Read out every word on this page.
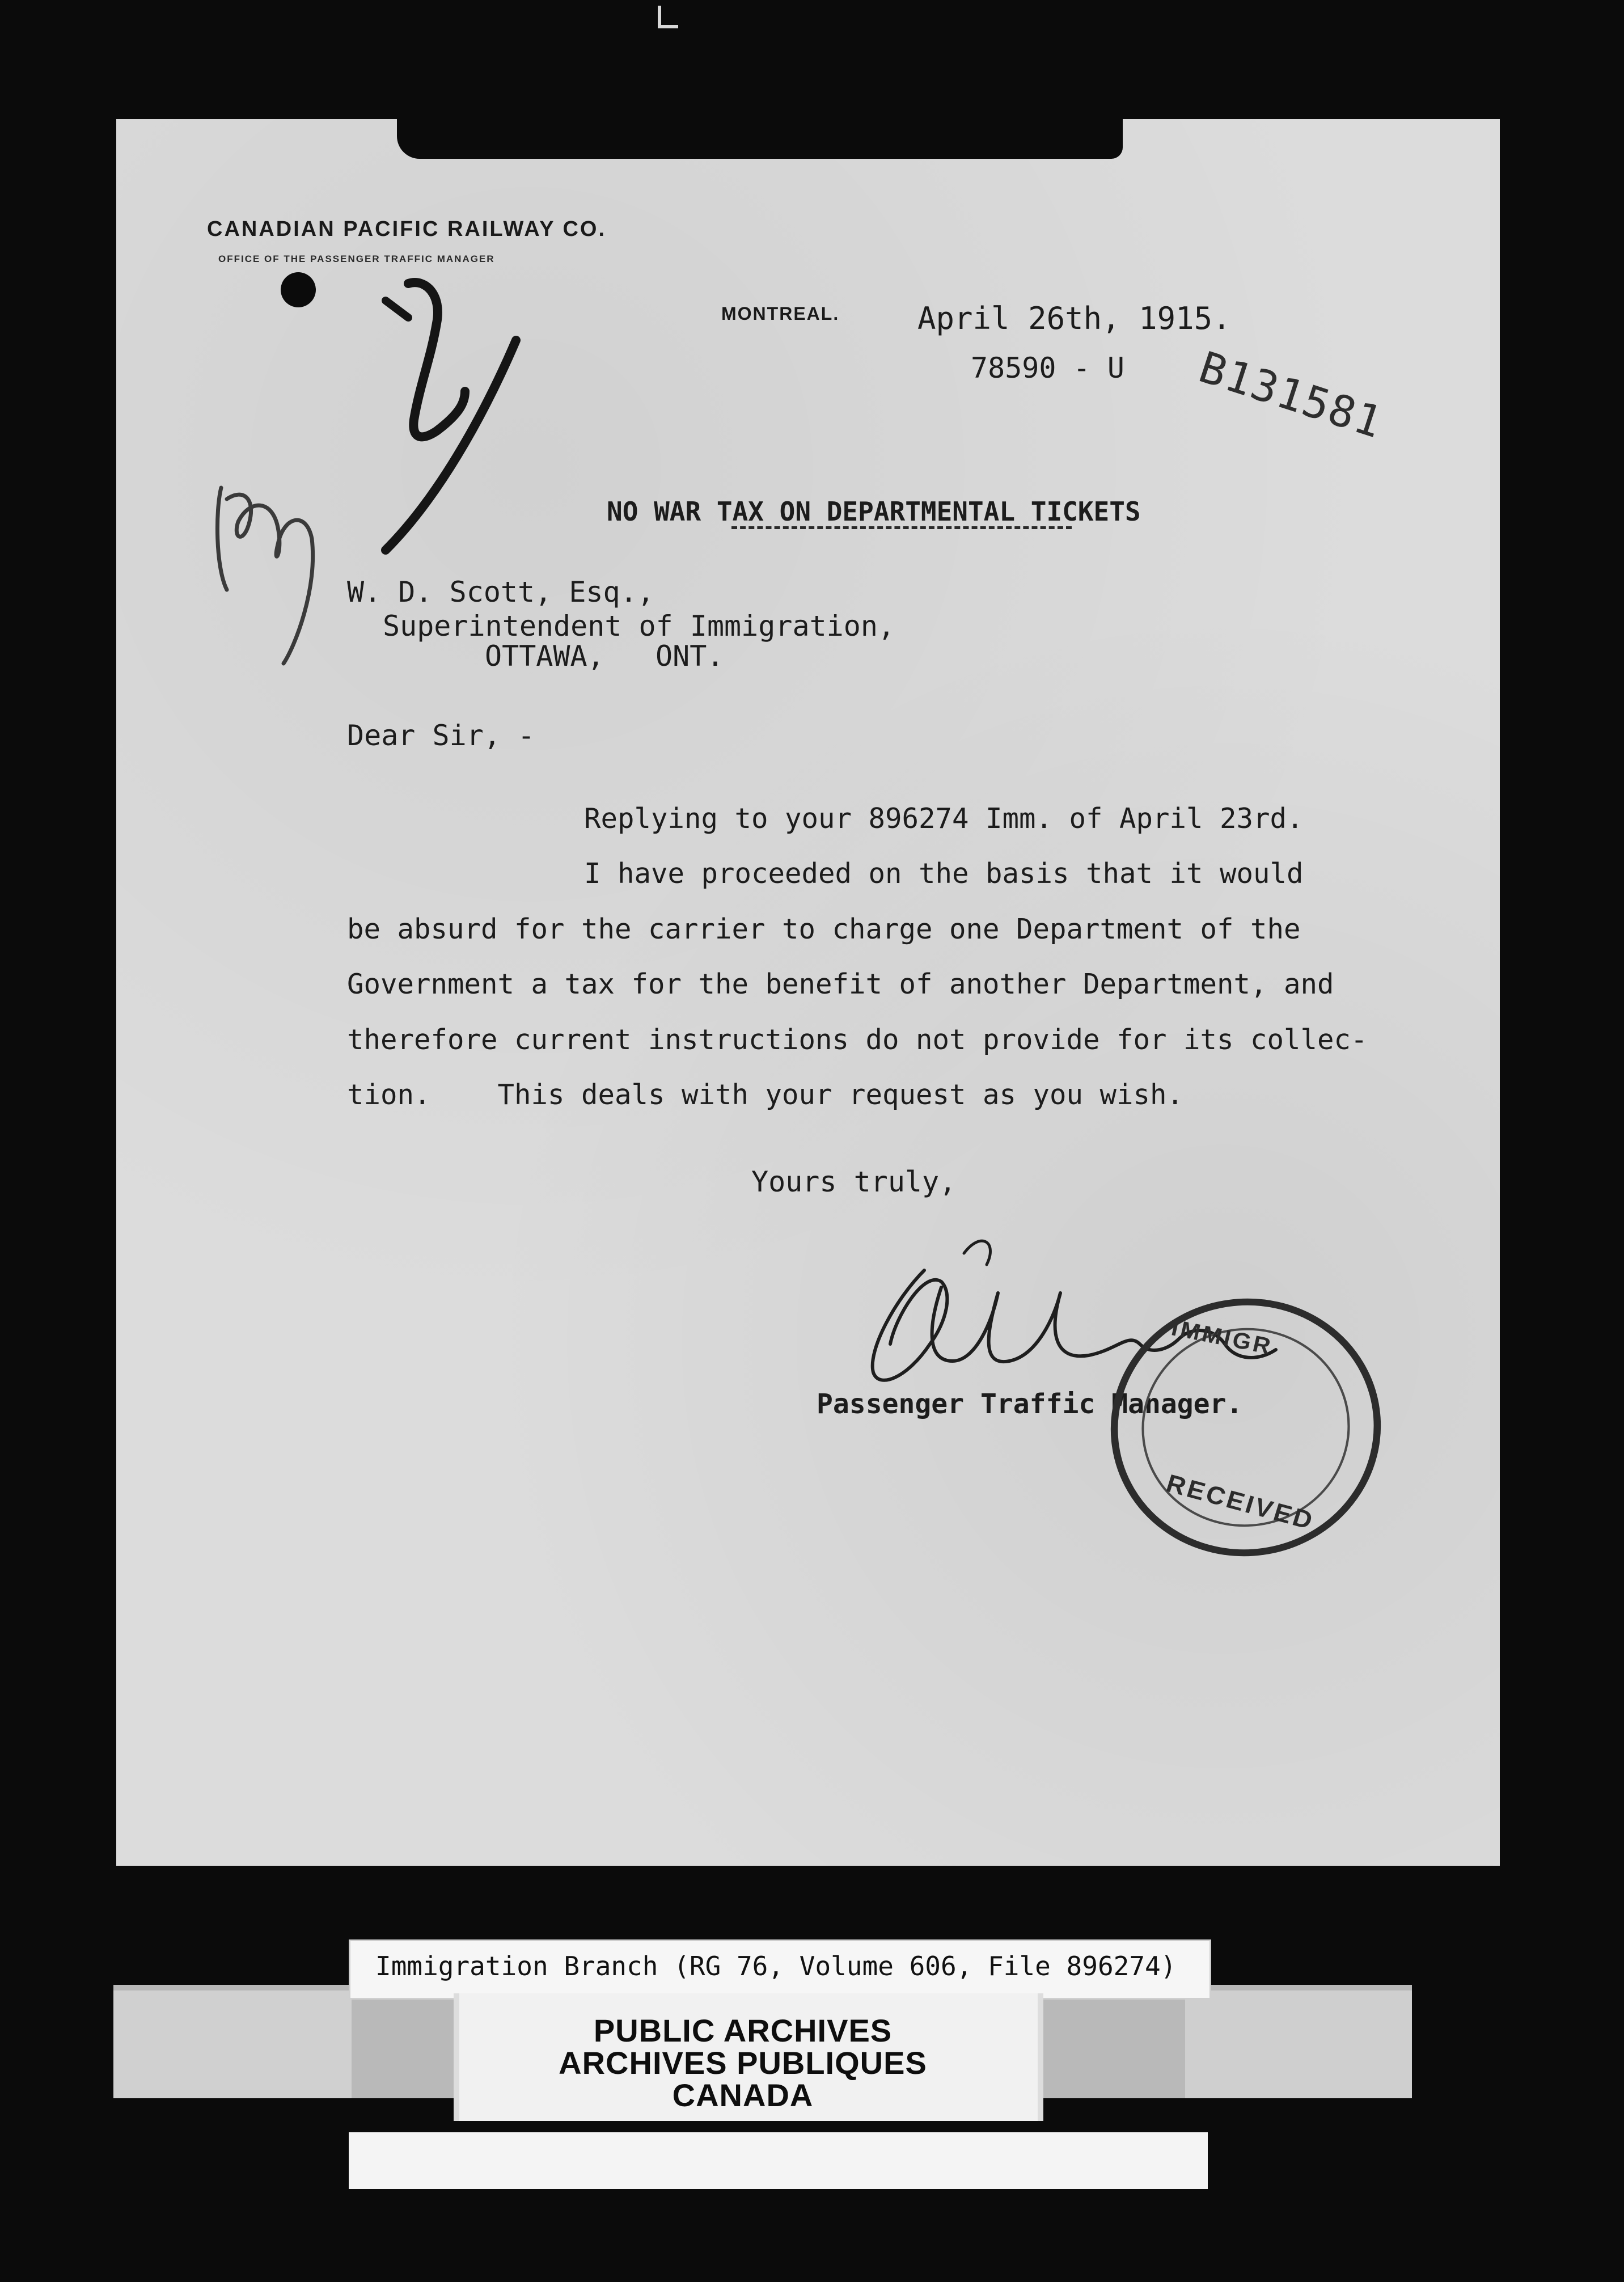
CANADIAN PACIFIC RAILWAY CO.
OFFICE OF THE PASSENGER TRAFFIC MANAGER
MONTREAL.	April 26th, 1915.
78590 - U B131581
NO WAR TAX ON DEPARTMENTAL TICKETS
W. D. Scott, Esq.,
Superintendent of Immigration,
OTTAWA,   ONT.
Dear Sir, -
Replying to your 896274 Imm. of April 23rd.
I have proceeded on the basis that it would
be absurd for the carrier to charge one Department of the
Government a tax for the benefit of another Department, and
therefore current instructions do not provide for its collec-
tion.    This deals with your request as you wish.
Yours truly,
Passenger Traffic Manager.
IMMIGR
RECEIVED
Immigration Branch (RG 76, Volume 606, File 896274)
PUBLIC ARCHIVES
ARCHIVES PUBLIQUES
CANADA
